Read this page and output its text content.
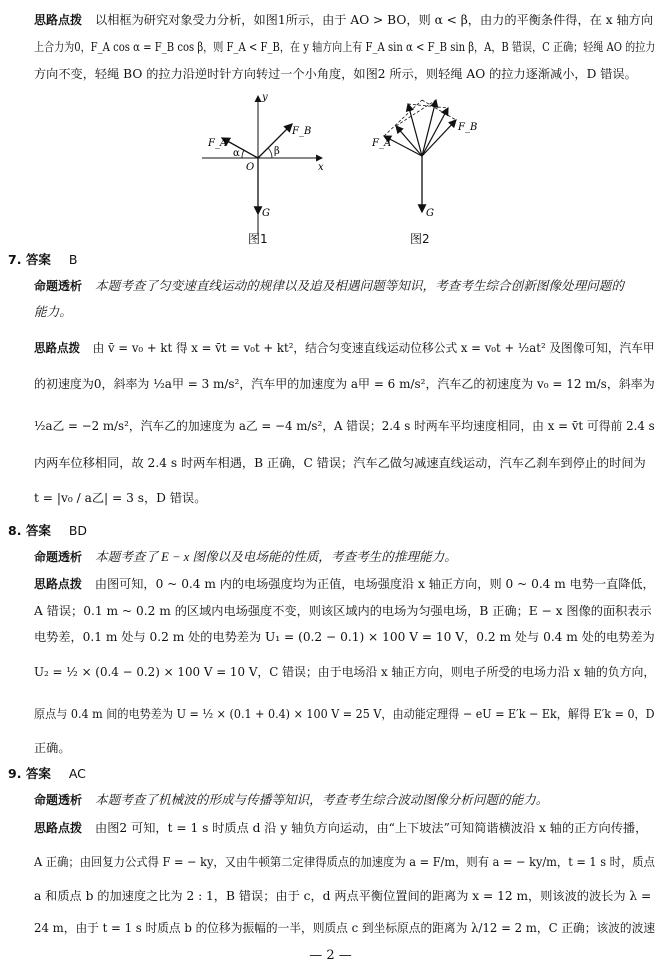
思路点拨 以相框为研究对象受力分析，如图1所示，由于 AO > BO，则 α < β，由力的平衡条件得，在 x 轴方向
上合力为0，F_A cos α = F_B cos β，则 F_A < F_B，在 y 轴方向上有 F_A sin α < F_B sin β，A，B 错误，C 正确；轻绳 AO 的拉力
方向不变，轻绳 BO 的拉力沿逆时针方向转过一个小角度，如图2 所示，则轻绳 AO 的拉力逐渐减小，D 错误。
y
x
O
F_A
F_B
G
α	β
图1
F_A
F_B
G
图2
7. 答案 B
命题透析 本题考查了匀变速直线运动的规律以及追及相遇问题等知识，考查考生综合创新图像处理问题的
能力。
思路点拨 由 v̄ = v₀ + kt 得 x = v̄t = v₀t + kt²，结合匀变速直线运动位移公式 x = v₀t + ½at² 及图像可知，汽车甲
的初速度为0，斜率为 ½a甲 = 3 m/s²，汽车甲的加速度为 a甲 = 6 m/s²，汽车乙的初速度为 v₀ = 12 m/s，斜率为
½a乙 = −2 m/s²，汽车乙的加速度为 a乙 = −4 m/s²，A 错误；2.4 s 时两车平均速度相同，由 x = v̄t 可得前 2.4 s
内两车位移相同，故 2.4 s 时两车相遇，B 正确，C 错误；汽车乙做匀减速直线运动，汽车乙刹车到停止的时间为
t = |v₀ / a乙| = 3 s，D 错误。
8. 答案 BD
命题透析 本题考查了 E − x 图像以及电场能的性质，考查考生的推理能力。
思路点拨 由图可知，0 ~ 0.4 m 内的电场强度均为正值，电场强度沿 x 轴正方向，则 0 ~ 0.4 m 电势一直降低，
A 错误；0.1 m ~ 0.2 m 的区域内电场强度不变，则该区域内的电场为匀强电场，B 正确；E − x 图像的面积表示
电势差，0.1 m 处与 0.2 m 处的电势差为 U₁ = (0.2 − 0.1) × 100 V = 10 V，0.2 m 处与 0.4 m 处的电势差为
U₂ = ½ × (0.4 − 0.2) × 100 V = 10 V，C 错误；由于电场沿 x 轴正方向，则电子所受的电场力沿 x 轴的负方向，
原点与 0.4 m 间的电势差为 U = ½ × (0.1 + 0.4) × 100 V = 25 V，由动能定理得 − eU = E′k − Ek，解得 E′k = 0，D
正确。
9. 答案 AC
命题透析 本题考查了机械波的形成与传播等知识，考查考生综合波动图像分析问题的能力。
思路点拨 由图2 可知，t = 1 s 时质点 d 沿 y 轴负方向运动，由“上下坡法”可知简谐横波沿 x 轴的正方向传播，
A 正确；由回复力公式得 F = − ky，又由牛顿第二定律得质点的加速度为 a = F/m，则有 a = − ky/m，t = 1 s 时，质点
a 和质点 b 的加速度之比为 2 : 1，B 错误；由于 c，d 两点平衡位置间的距离为 x = 12 m，则该波的波长为 λ =
24 m，由于 t = 1 s 时质点 b 的位移为振幅的一半，则质点 c 到坐标原点的距离为 λ/12 = 2 m，C 正确；该波的波速
— 2 —
